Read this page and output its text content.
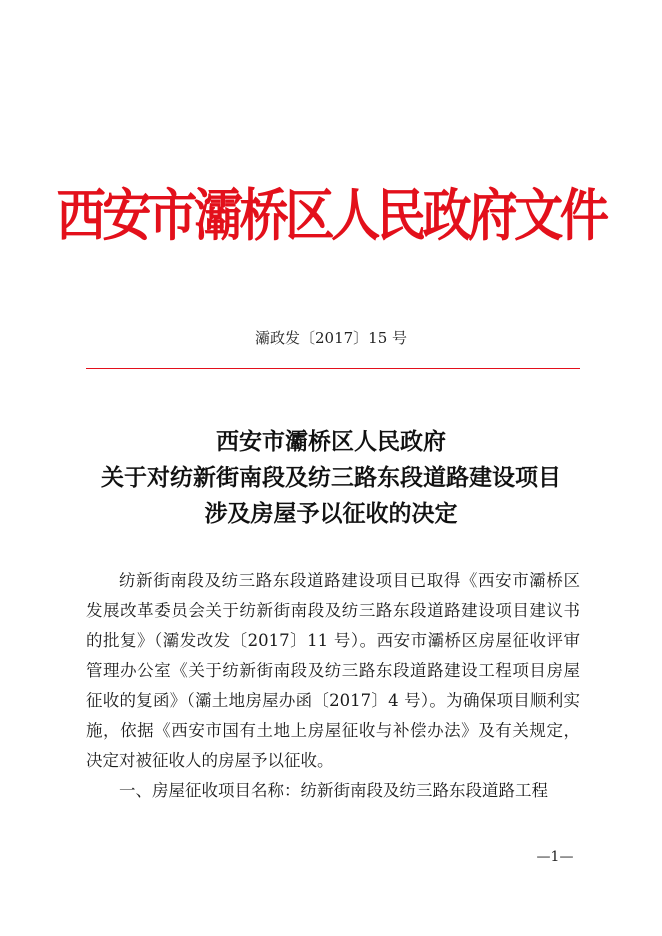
西安市灞桥区人民政府文件
灞政发〔2017〕15 号
西安市灞桥区人民政府
关于对纺新街南段及纺三路东段道路建设项目
涉及房屋予以征收的决定

纺新街南段及纺三路东段道路建设项目已取得《西安市灞桥区发展改革委员会关于纺新街南段及纺三路东段道路建设项目建议书的批复》（灞发改发〔2017〕11 号）。西安市灞桥区房屋征收评审管理办公室《关于纺新街南段及纺三路东段道路建设工程项目房屋征收的复函》（灞土地房屋办函〔2017〕4 号）。为确保项目顺利实施，依据《西安市国有土地上房屋征收与补偿办法》及有关规定，决定对被征收人的房屋予以征收。

一、房屋征收项目名称：纺新街南段及纺三路东段道路工程

—1—
